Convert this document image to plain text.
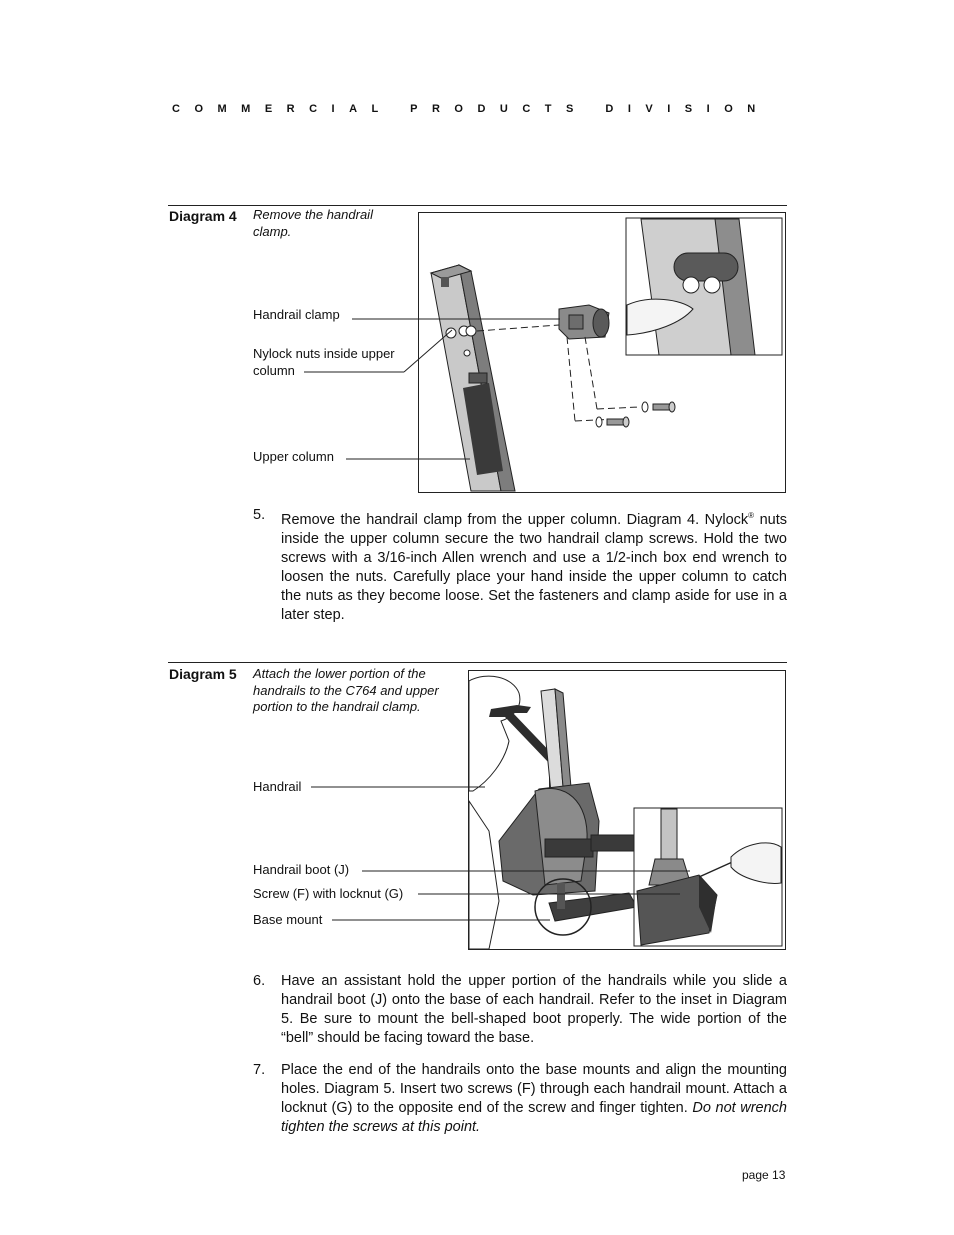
COMMERCIAL PRODUCTS DIVISION
Diagram 4 Remove the handrail clamp.
Handrail clamp
Nylock nuts inside upper column
Upper column
5. Remove the handrail clamp from the upper column. Diagram 4. Nylock® nuts inside the upper column secure the two handrail clamp screws. Hold the two screws with a 3/16-inch Allen wrench and use a 1/2-inch box end wrench to loosen the nuts. Carefully place your hand inside the upper column to catch the nuts as they become loose. Set the fasteners and clamp aside for use in a later step.
Diagram 5 Attach the lower portion of the handrails to the C764 and upper portion to the handrail clamp.
Handrail
Handrail boot (J)
Screw (F) with locknut (G)
Base mount
6. Have an assistant hold the upper portion of the handrails while you slide a handrail boot (J) onto the base of each handrail. Refer to the inset in Diagram 5. Be sure to mount the bell-shaped boot properly. The wide portion of the “bell” should be facing toward the base.
7. Place the end of the handrails onto the base mounts and align the mounting holes. Diagram 5. Insert two screws (F) through each handrail mount. Attach a locknut (G) to the opposite end of the screw and finger tighten. Do not wrench tighten the screws at this point.
page 13
